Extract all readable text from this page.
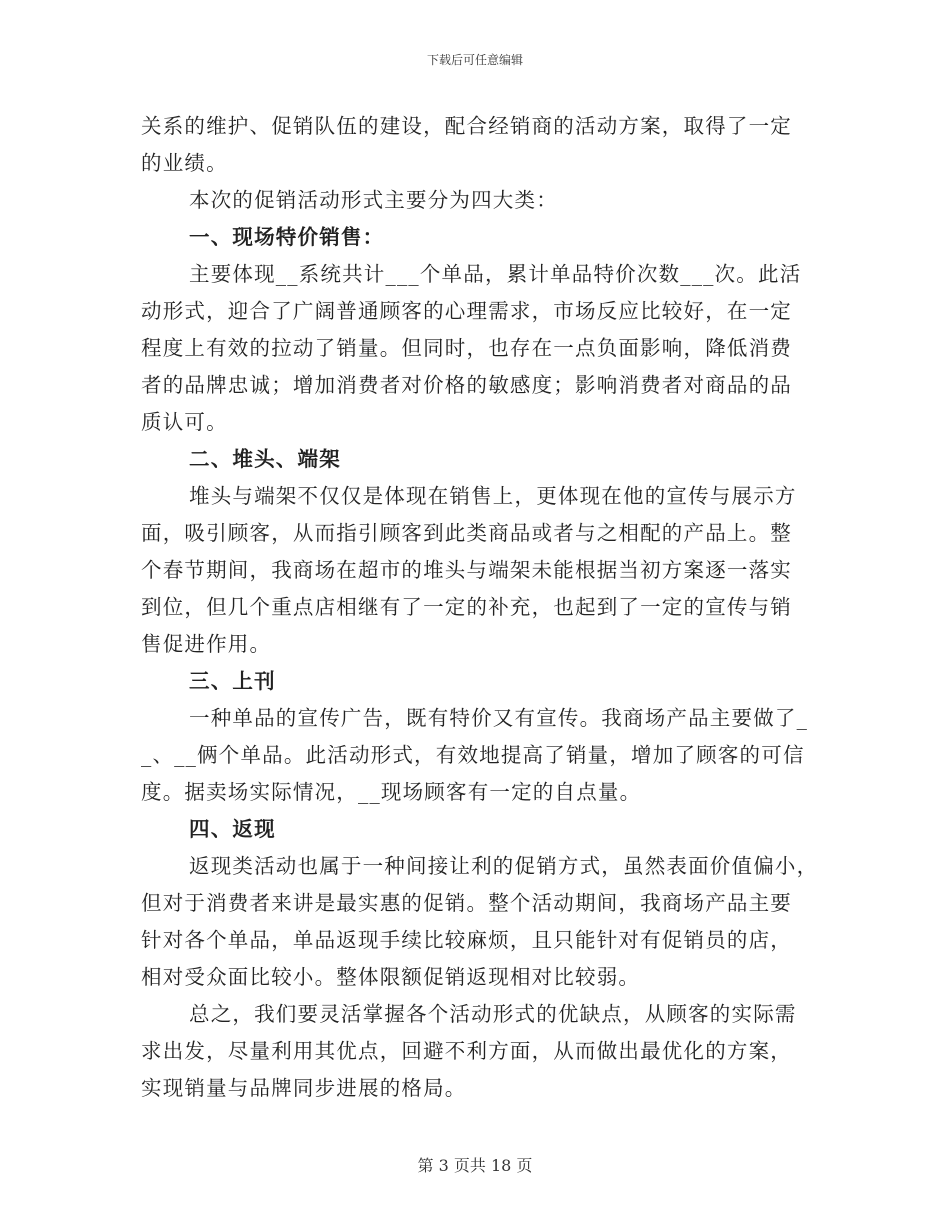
下载后可任意编辑

关系的维护、促销队伍的建设，配合经销商的活动方案，取得了一定

的业绩。

本次的促销活动形式主要分为四大类：

一、现场特价销售：

主要体现__系统共计___个单品，累计单品特价次数___次。此活

动形式，迎合了广阔普通顾客的心理需求，市场反应比较好，在一定

程度上有效的拉动了销量。但同时，也存在一点负面影响，降低消费

者的品牌忠诚；增加消费者对价格的敏感度；影响消费者对商品的品

质认可。

二、堆头、端架

堆头与端架不仅仅是体现在销售上，更体现在他的宣传与展示方

面，吸引顾客，从而指引顾客到此类商品或者与之相配的产品上。整

个春节期间，我商场在超市的堆头与端架未能根据当初方案逐一落实

到位，但几个重点店相继有了一定的补充，也起到了一定的宣传与销

售促进作用。

三、上刊

一种单品的宣传广告，既有特价又有宣传。我商场产品主要做了_

_、__俩个单品。此活动形式，有效地提高了销量，增加了顾客的可信

度。据卖场实际情况，__现场顾客有一定的自点量。

四、返现

返现类活动也属于一种间接让利的促销方式，虽然表面价值偏小，

但对于消费者来讲是最实惠的促销。整个活动期间，我商场产品主要

针对各个单品，单品返现手续比较麻烦，且只能针对有促销员的店，

相对受众面比较小。整体限额促销返现相对比较弱。

总之，我们要灵活掌握各个活动形式的优缺点，从顾客的实际需

求出发，尽量利用其优点，回避不利方面，从而做出最优化的方案，

实现销量与品牌同步进展的格局。

第 3 页共 18 页
